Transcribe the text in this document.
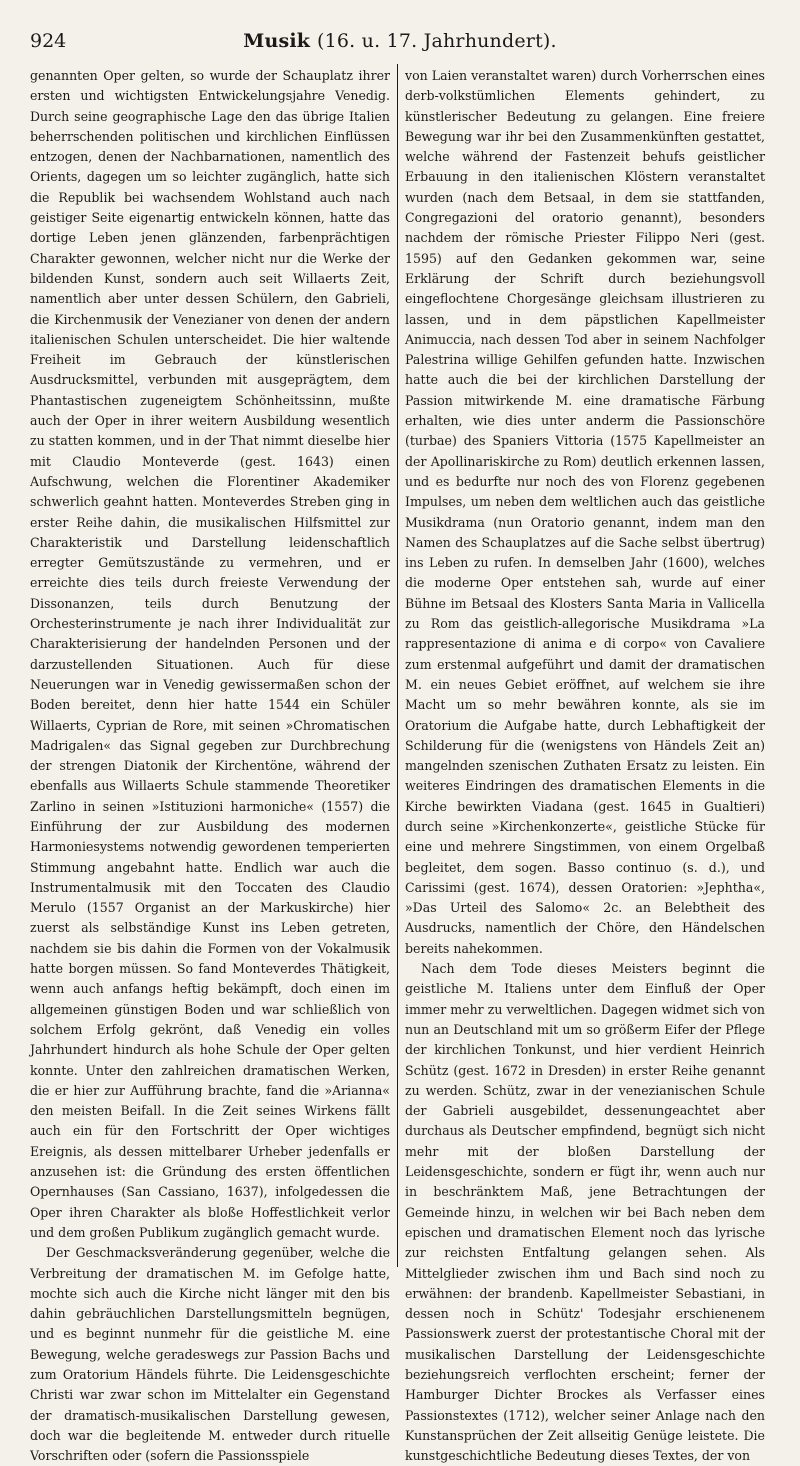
924	Musik (16. u. 17. Jahrhundert).

genannten Oper gelten, so wurde der Schauplatz ihrer ersten und wichtigsten Entwickelungsjahre Venedig. Durch seine geographische Lage den das übrige Italien beherrschenden politischen und kirchlichen Einflüssen entzogen, denen der Nachbarnationen, namentlich des Orients, dagegen um so leichter zugänglich, hatte sich die Republik bei wachsendem Wohlstand auch nach geistiger Seite eigenartig entwickeln können, hatte das dortige Leben jenen glänzenden, farbenprächtigen Charakter gewonnen, welcher nicht nur die Werke der bildenden Kunst, sondern auch seit Willaerts Zeit, namentlich aber unter dessen Schülern, den Gabrieli, die Kirchenmusik der Venezianer von denen der andern italienischen Schulen unterscheidet. Die hier waltende Freiheit im Gebrauch der künstlerischen Ausdrucksmittel, verbunden mit ausgeprägtem, dem Phantastischen zugeneigtem Schönheitssinn, mußte auch der Oper in ihrer weitern Ausbildung wesentlich zu statten kommen, und in der That nimmt dieselbe hier mit Claudio Monteverde (gest. 1643) einen Aufschwung, welchen die Florentiner Akademiker schwerlich geahnt hatten. Monteverdes Streben ging in erster Reihe dahin, die musikalischen Hilfsmittel zur Charakteristik und Darstellung leidenschaftlich erregter Gemütszustände zu vermehren, und er erreichte dies teils durch freieste Verwendung der Dissonanzen, teils durch Benutzung der Orchesterinstrumente je nach ihrer Individualität zur Charakterisierung der handelnden Personen und der darzustellenden Situationen. Auch für diese Neuerungen war in Venedig gewissermaßen schon der Boden bereitet, denn hier hatte 1544 ein Schüler Willaerts, Cyprian de Rore, mit seinen »Chromatischen Madrigalen« das Signal gegeben zur Durchbrechung der strengen Diatonik der Kirchentöne, während der ebenfalls aus Willaerts Schule stammende Theoretiker Zarlino in seinen »Istituzioni harmoniche« (1557) die Einführung der zur Ausbildung des modernen Harmoniesystems notwendig gewordenen temperierten Stimmung angebahnt hatte. Endlich war auch die Instrumentalmusik mit den Toccaten des Claudio Merulo (1557 Organist an der Markuskirche) hier zuerst als selbständige Kunst ins Leben getreten, nachdem sie bis dahin die Formen von der Vokalmusik hatte borgen müssen. So fand Monteverdes Thätigkeit, wenn auch anfangs heftig bekämpft, doch einen im allgemeinen günstigen Boden und war schließlich von solchem Erfolg gekrönt, daß Venedig ein volles Jahrhundert hindurch als hohe Schule der Oper gelten konnte. Unter den zahlreichen dramatischen Werken, die er hier zur Aufführung brachte, fand die »Arianna« den meisten Beifall. In die Zeit seines Wirkens fällt auch ein für den Fortschritt der Oper wichtiges Ereignis, als dessen mittelbarer Urheber jedenfalls er anzusehen ist: die Gründung des ersten öffentlichen Opernhauses (San Cassiano, 1637), infolgedessen die Oper ihren Charakter als bloße Hoffestlichkeit verlor und dem großen Publikum zugänglich gemacht wurde.

Der Geschmacksveränderung gegenüber, welche die Verbreitung der dramatischen M. im Gefolge hatte, mochte sich auch die Kirche nicht länger mit den bis dahin gebräuchlichen Darstellungsmitteln begnügen, und es beginnt nunmehr für die geistliche M. eine Bewegung, welche geradeswegs zur Passion Bachs und zum Oratorium Händels führte. Die Leidensgeschichte Christi war zwar schon im Mittelalter ein Gegenstand der dramatisch-musikalischen Darstellung gewesen, doch war die begleitende M. entweder durch rituelle Vorschriften oder (sofern die Passionsspiele

von Laien veranstaltet waren) durch Vorherrschen eines derb-volkstümlichen Elements gehindert, zu künstlerischer Bedeutung zu gelangen. Eine freiere Bewegung war ihr bei den Zusammenkünften gestattet, welche während der Fastenzeit behufs geistlicher Erbauung in den italienischen Klöstern veranstaltet wurden (nach dem Betsaal, in dem sie stattfanden, Congregazioni del oratorio genannt), besonders nachdem der römische Priester Filippo Neri (gest. 1595) auf den Gedanken gekommen war, seine Erklärung der Schrift durch beziehungsvoll eingeflochtene Chorgesänge gleichsam illustrieren zu lassen, und in dem päpstlichen Kapellmeister Animuccia, nach dessen Tod aber in seinem Nachfolger Palestrina willige Gehilfen gefunden hatte. Inzwischen hatte auch die bei der kirchlichen Darstellung der Passion mitwirkende M. eine dramatische Färbung erhalten, wie dies unter anderm die Passionschöre (turbae) des Spaniers Vittoria (1575 Kapellmeister an der Apollinariskirche zu Rom) deutlich erkennen lassen, und es bedurfte nur noch des von Florenz gegebenen Impulses, um neben dem weltlichen auch das geistliche Musikdrama (nun Oratorio genannt, indem man den Namen des Schauplatzes auf die Sache selbst übertrug) ins Leben zu rufen. In demselben Jahr (1600), welches die moderne Oper entstehen sah, wurde auf einer Bühne im Betsaal des Klosters Santa Maria in Vallicella zu Rom das geistlich-allegorische Musikdrama »La rappresentazione di anima e di corpo« von Cavaliere zum erstenmal aufgeführt und damit der dramatischen M. ein neues Gebiet eröffnet, auf welchem sie ihre Macht um so mehr bewähren konnte, als sie im Oratorium die Aufgabe hatte, durch Lebhaftigkeit der Schilderung für die (wenigstens von Händels Zeit an) mangelnden szenischen Zuthaten Ersatz zu leisten. Ein weiteres Eindringen des dramatischen Elements in die Kirche bewirkten Viadana (gest. 1645 in Gualtieri) durch seine »Kirchenkonzerte«, geistliche Stücke für eine und mehrere Singstimmen, von einem Orgelbaß begleitet, dem sogen. Basso continuo (s. d.), und Carissimi (gest. 1674), dessen Oratorien: »Jephtha«, »Das Urteil des Salomo« 2c. an Belebtheit des Ausdrucks, namentlich der Chöre, den Händelschen bereits nahekommen.

Nach dem Tode dieses Meisters beginnt die geistliche M. Italiens unter dem Einfluß der Oper immer mehr zu verweltlichen. Dagegen widmet sich von nun an Deutschland mit um so größerm Eifer der Pflege der kirchlichen Tonkunst, und hier verdient Heinrich Schütz (gest. 1672 in Dresden) in erster Reihe genannt zu werden. Schütz, zwar in der venezianischen Schule der Gabrieli ausgebildet, dessenungeachtet aber durchaus als Deutscher empfindend, begnügt sich nicht mehr mit der bloßen Darstellung der Leidensgeschichte, sondern er fügt ihr, wenn auch nur in beschränktem Maß, jene Betrachtungen der Gemeinde hinzu, in welchen wir bei Bach neben dem epischen und dramatischen Element noch das lyrische zur reichsten Entfaltung gelangen sehen. Als Mittelglieder zwischen ihm und Bach sind noch zu erwähnen: der brandenb. Kapellmeister Sebastiani, in dessen noch in Schütz' Todesjahr erschienenem Passionswerk zuerst der protestantische Choral mit der musikalischen Darstellung der Leidensgeschichte beziehungsreich verflochten erscheint; ferner der Hamburger Dichter Brockes als Verfasser eines Passionstextes (1712), welcher seiner Anlage nach den Kunstansprüchen der Zeit allseitig Genüge leistete. Die kunstgeschichtliche Bedeutung dieses Textes, der von
